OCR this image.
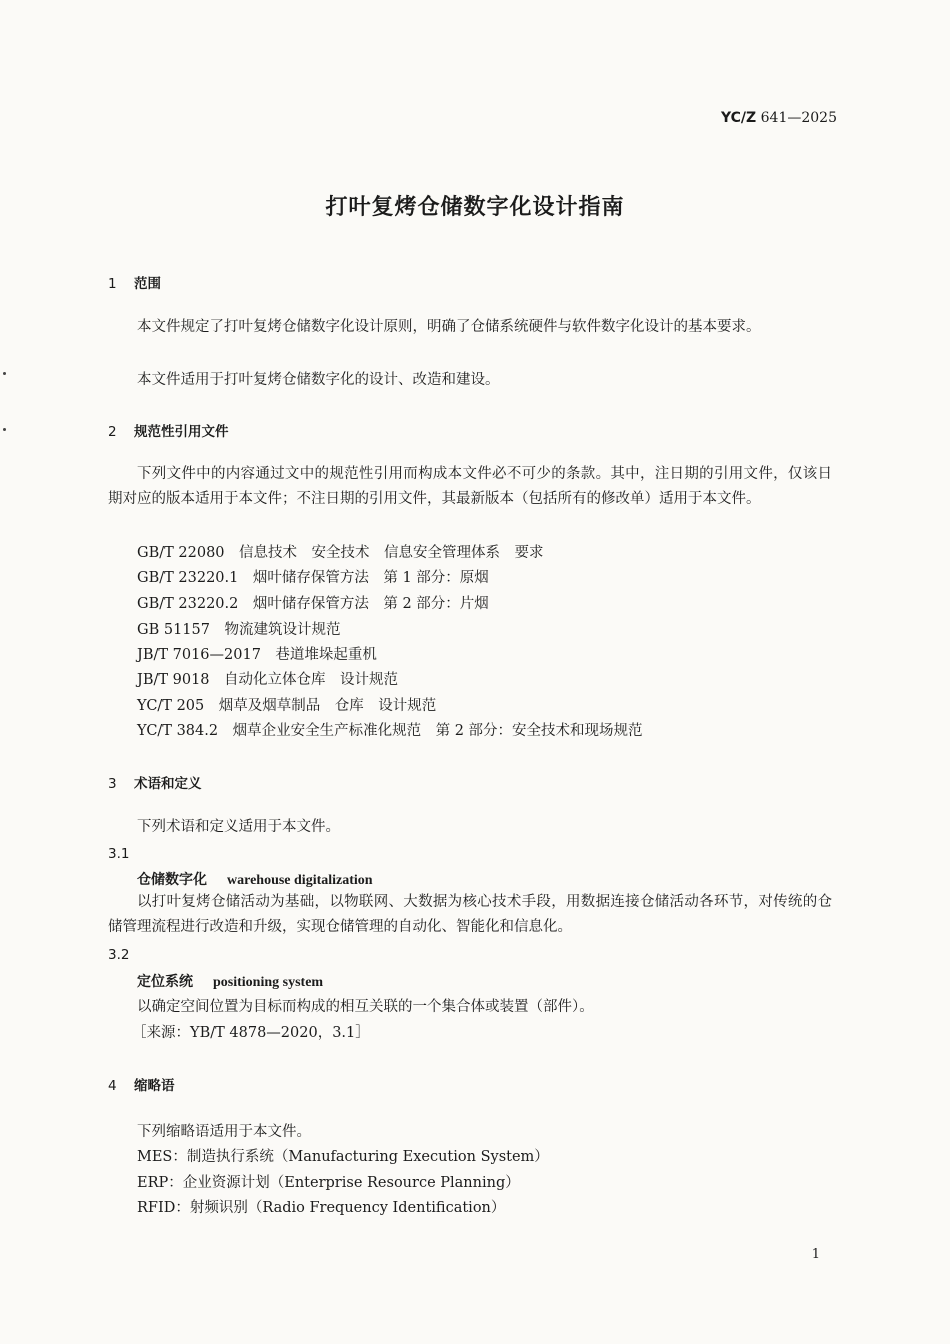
YC/Z 641—2025
打叶复烤仓储数字化设计指南
1 范围
本文件规定了打叶复烤仓储数字化设计原则，明确了仓储系统硬件与软件数字化设计的基本要求。
本文件适用于打叶复烤仓储数字化的设计、改造和建设。
2 规范性引用文件
下列文件中的内容通过文中的规范性引用而构成本文件必不可少的条款。其中，注日期的引用文件，仅该日期对应的版本适用于本文件；不注日期的引用文件，其最新版本（包括所有的修改单）适用于本文件。
GB/T 22080　信息技术　安全技术　信息安全管理体系　要求
GB/T 23220.1　烟叶储存保管方法　第 1 部分：原烟
GB/T 23220.2　烟叶储存保管方法　第 2 部分：片烟
GB 51157　物流建筑设计规范
JB/T 7016—2017　巷道堆垛起重机
JB/T 9018　自动化立体仓库　设计规范
YC/T 205　烟草及烟草制品　仓库　设计规范
YC/T 384.2　烟草企业安全生产标准化规范　第 2 部分：安全技术和现场规范
3 术语和定义
下列术语和定义适用于本文件。
3.1
仓储数字化 warehouse digitalization
以打叶复烤仓储活动为基础，以物联网、大数据为核心技术手段，用数据连接仓储活动各环节，对传统的仓储管理流程进行改造和升级，实现仓储管理的自动化、智能化和信息化。
3.2
定位系统 positioning system
以确定空间位置为目标而构成的相互关联的一个集合体或装置（部件）。
［来源：YB/T 4878—2020，3.1］
4 缩略语
下列缩略语适用于本文件。
MES：制造执行系统（Manufacturing Execution System）
ERP：企业资源计划（Enterprise Resource Planning）
RFID：射频识别（Radio Frequency Identification）
1
